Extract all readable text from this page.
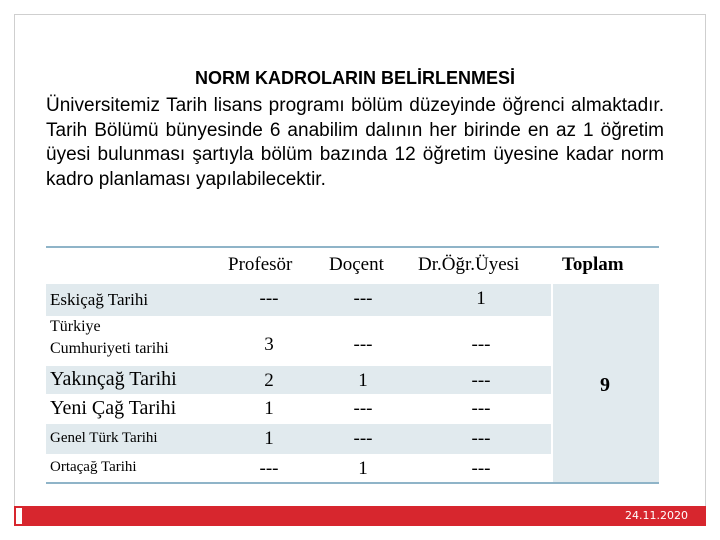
NORM KADROLARIN BELİRLENMESİ
Üniversitemiz Tarih lisans programı bölüm düzeyinde öğrenci almaktadır. Tarih Bölümü bünyesinde 6 anabilim dalının her birinde en az 1 öğretim üyesi bulunması şartıyla bölüm bazında 12 öğretim üyesine kadar norm kadro planlaması yapılabilecektir.
Profesör Doçent Dr.Öğr.Üyesi Toplam
9
Eskiçağ Tarihi	---	---	1
Türkiye
Cumhuriyeti tarihi	3	---	---
Yakınçağ Tarihi	2	1	---
Yeni Çağ Tarihi	1	---	---
Genel Türk Tarihi	1	---	---
Ortaçağ Tarihi	---	1	---
24.11.2020
